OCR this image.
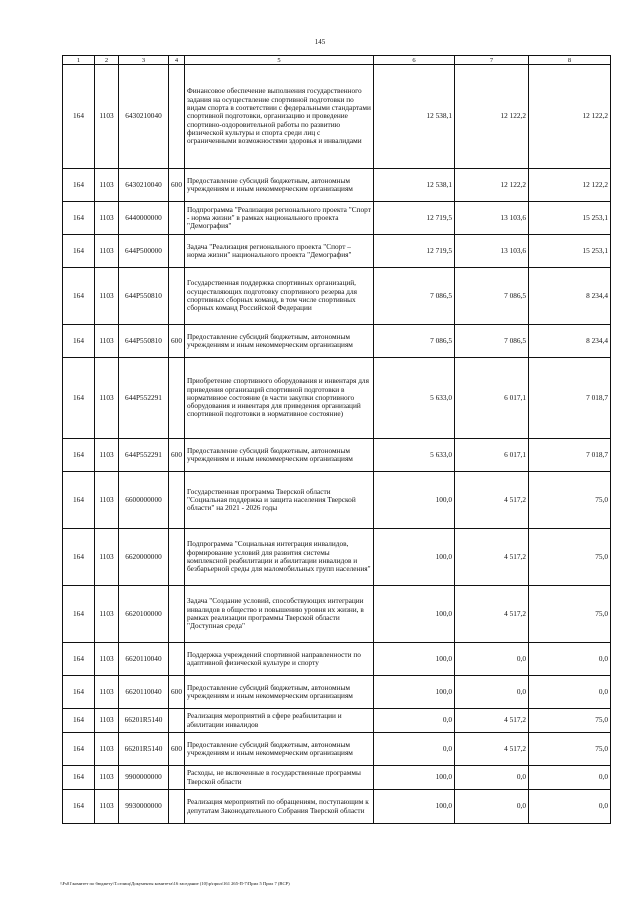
145
1	2	3	4	5	6	7	8
164	1103	6430210040		Финансовое обеспечение выполнения государственного задания на осуществление спортивной подготовки по видам спорта в соответствии с федеральными стандартами спортивной подготовки, организацию и проведение спортивно-оздоровительной работы по развитию физической культуры и спорта среди лиц с ограниченными возможностями здоровья и инвалидами	12 538,1	12 122,2	12 122,2
164	1103	6430210040	600	Предоставление субсидий бюджетным, автономным учреждениям и иным некоммерческим организациям	12 538,1	12 122,2	12 122,2
164	1103	6440000000		Подпрограмма "Реализация регионального проекта "Спорт - норма жизни" в рамках национального проекта "Демография"	12 719,5	13 103,6	15 253,1
164	1103	644P500000		Задача "Реализация регионального проекта "Спорт – норма жизни" национального проекта "Демография"	12 719,5	13 103,6	15 253,1
164	1103	644P550810		Государственная поддержка спортивных организаций, осуществляющих подготовку спортивного резерва для спортивных сборных команд, в том числе спортивных сборных команд Российской Федерации	7 086,5	7 086,5	8 234,4
164	1103	644P550810	600	Предоставление субсидий бюджетным, автономным учреждениям и иным некоммерческим организациям	7 086,5	7 086,5	8 234,4
164	1103	644P552291		Приобретение спортивного оборудования и инвентаря для приведения организаций спортивной подготовки в нормативное состояние (в части закупки спортивного оборудования и инвентаря для приведения организаций спортивной подготовки в нормативное состояние)	5 633,0	6 017,1	7 018,7
164	1103	644P552291	600	Предоставление субсидий бюджетным, автономным учреждениям и иным некоммерческим организациям	5 633,0	6 017,1	7 018,7
164	1103	6600000000		Государственная программа Тверской области "Социальная поддержка и защита населения Тверской области" на 2021 - 2026 годы	100,0	4 517,2	75,0
164	1103	6620000000		Подпрограмма "Социальная интеграция инвалидов, формирование условий для развития системы комплексной реабилитации и абилитации инвалидов и безбарьерной среды для маломобильных групп населения"	100,0	4 517,2	75,0
164	1103	6620100000		Задача "Создание условий, способствующих интеграции инвалидов в общество и повышению уровня их жизни, в рамках реализации программы Тверской области "Доступная среда"	100,0	4 517,2	75,0
164	1103	6620110040		Поддержка учреждений спортивной направленности по адаптивной физической культуре и спорту	100,0	0,0	0,0
164	1103	6620110040	600	Предоставление субсидий бюджетным, автономным учреждениям и иным некоммерческим организациям	100,0	0,0	0,0
164	1103	66201R5140		Реализация мероприятий в сфере реабилитации и абилитации инвалидов	0,0	4 517,2	75,0
164	1103	66201R5140	600	Предоставление субсидий бюджетным, автономным учреждениям и иным некоммерческим организациям	0,0	4 517,2	75,0
164	1103	9900000000		Расходы, не включенные в государственные программы Тверской области	100,0	0,0	0,0
164	1103	9930000000		Реализация мероприятий по обращениям, поступающим к депутатам Законодательного Собрания Тверской области	100,0	0,0	0,0
\\Fs01\комитет по бюджету\Т.селищ\Документы комитета\16 заседание (10)\р\прил\161 265-П-7\Прил 5 Прил 7 (ВСР)
